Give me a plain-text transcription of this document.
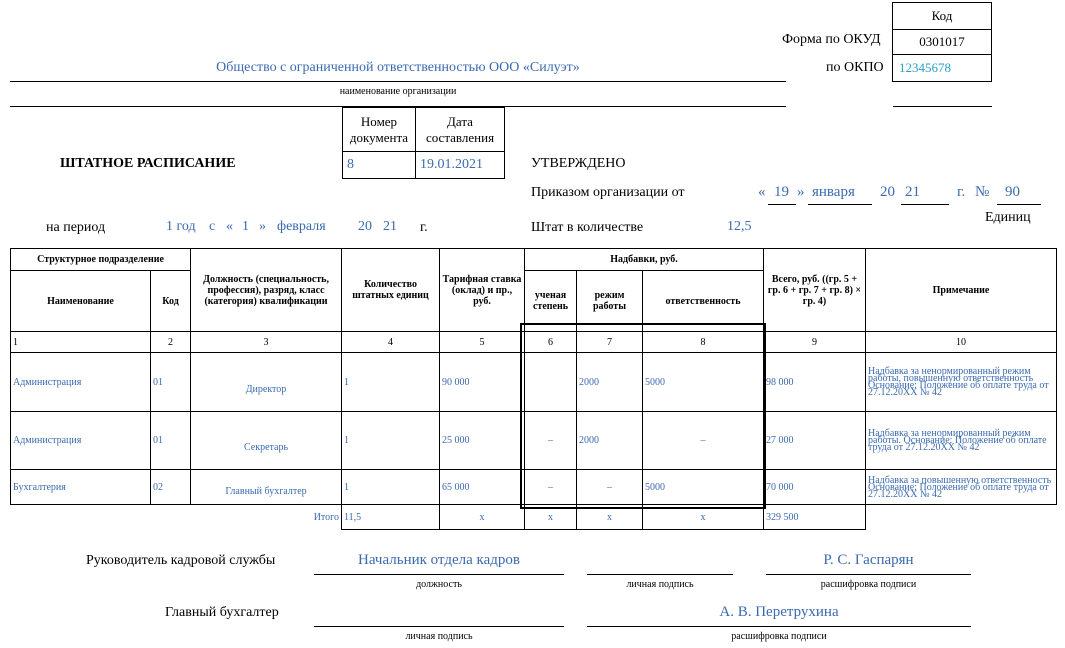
Код
0301017
12345678
Форма по ОКУД
по ОКПО
Общество с ограниченной ответственностью ООО «Силуэт»
наименование организации
Номер документа
Дата составления
8	19.01.2021
ШТАТНОЕ РАСПИСАНИЕ	УТВЕРЖДЕНО
Приказом организации от	« 19 » января 20 21 г. № 90
на период	1 год с « 1 » февраля 20 21 г.	Штат в количестве	12,5
Единиц
Структурное подразделение		Должность (специальность, профессия), разряд, класс (категория) квалификации	Количество штатных единиц	Тарифная ставка (оклад) и пр., руб.	Надбавки, руб.			Всего, руб. ((гр. 5 + гр. 6 + гр. 7 + гр. 8) × гр. 4)	Примечание
Наименование	Код				ученая степень	режим работы	ответственность		
1	2	3	4	5	6	7	8	9	10
Администрация	01	Директор	1	90 000		2000	5000	98 000	Надбавка за ненормированный режим работы, повышенную ответственность Основание: Положение об оплате труда от 27.12.20ХХ № 42
Администрация	01	Секретарь	1	25 000	–	2000	–	27 000	Надбавка за ненормированный режим работы. Основание: Положение об оплате труда от 27.12.20ХХ № 42
Бухгалтерия	02	Главный бухгалтер	1	65 000	–	–	5000	70 000	Надбавка за повышенную ответственность Основание: Положение об оплате труда от 27.12.20ХХ № 42
Итого			11,5	x	x	x	x	329 500	
Руководитель кадровой службы	Начальник отдела кадров
должность	личная подпись
Р. С. Гаспарян
расшифровка подписи
Главный бухгалтер
личная подпись
А. В. Перетрухина
расшифровка подписи
